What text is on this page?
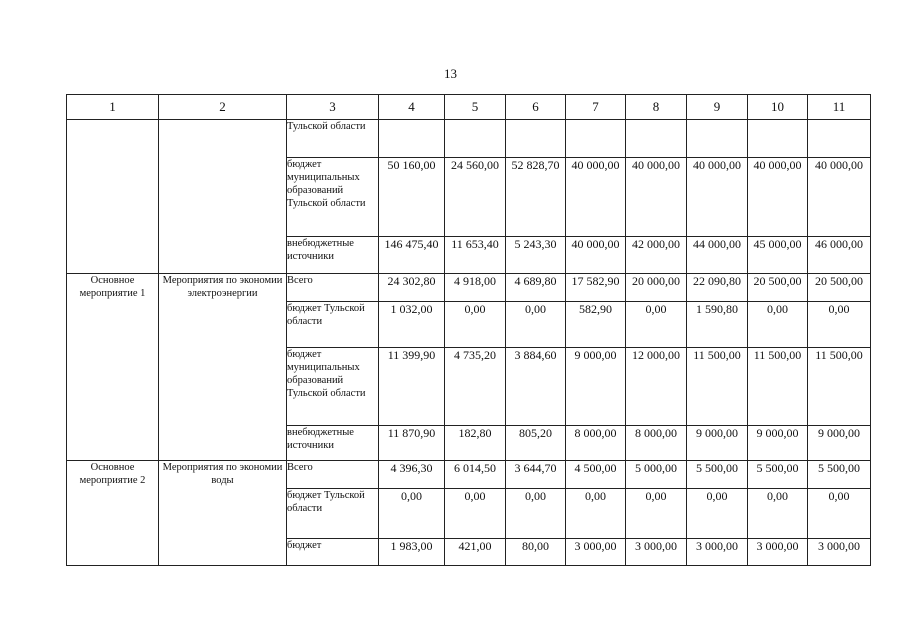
13
1	2	3	4	5	6	7	8	9	10	11
		Тульской области								
		бюджет муниципальных образований Тульской области	50 160,00	24 560,00	52 828,70	40 000,00	40 000,00	40 000,00	40 000,00	40 000,00
		внебюджетные источники	146 475,40	11 653,40	5 243,30	40 000,00	42 000,00	44 000,00	45 000,00	46 000,00
Основное мероприятие 1	Мероприятия по экономии электроэнергии	Всего	24 302,80	4 918,00	4 689,80	17 582,90	20 000,00	22 090,80	20 500,00	20 500,00
		бюджет Тульской области	1 032,00	0,00	0,00	582,90	0,00	1 590,80	0,00	0,00
		бюджет муниципальных образований Тульской области	11 399,90	4 735,20	3 884,60	9 000,00	12 000,00	11 500,00	11 500,00	11 500,00
		внебюджетные источники	11 870,90	182,80	805,20	8 000,00	8 000,00	9 000,00	9 000,00	9 000,00
Основное мероприятие 2	Мероприятия по экономии воды	Всего	4 396,30	6 014,50	3 644,70	4 500,00	5 000,00	5 500,00	5 500,00	5 500,00
		бюджет Тульской области	0,00	0,00	0,00	0,00	0,00	0,00	0,00	0,00
		бюджет	1 983,00	421,00	80,00	3 000,00	3 000,00	3 000,00	3 000,00	3 000,00
